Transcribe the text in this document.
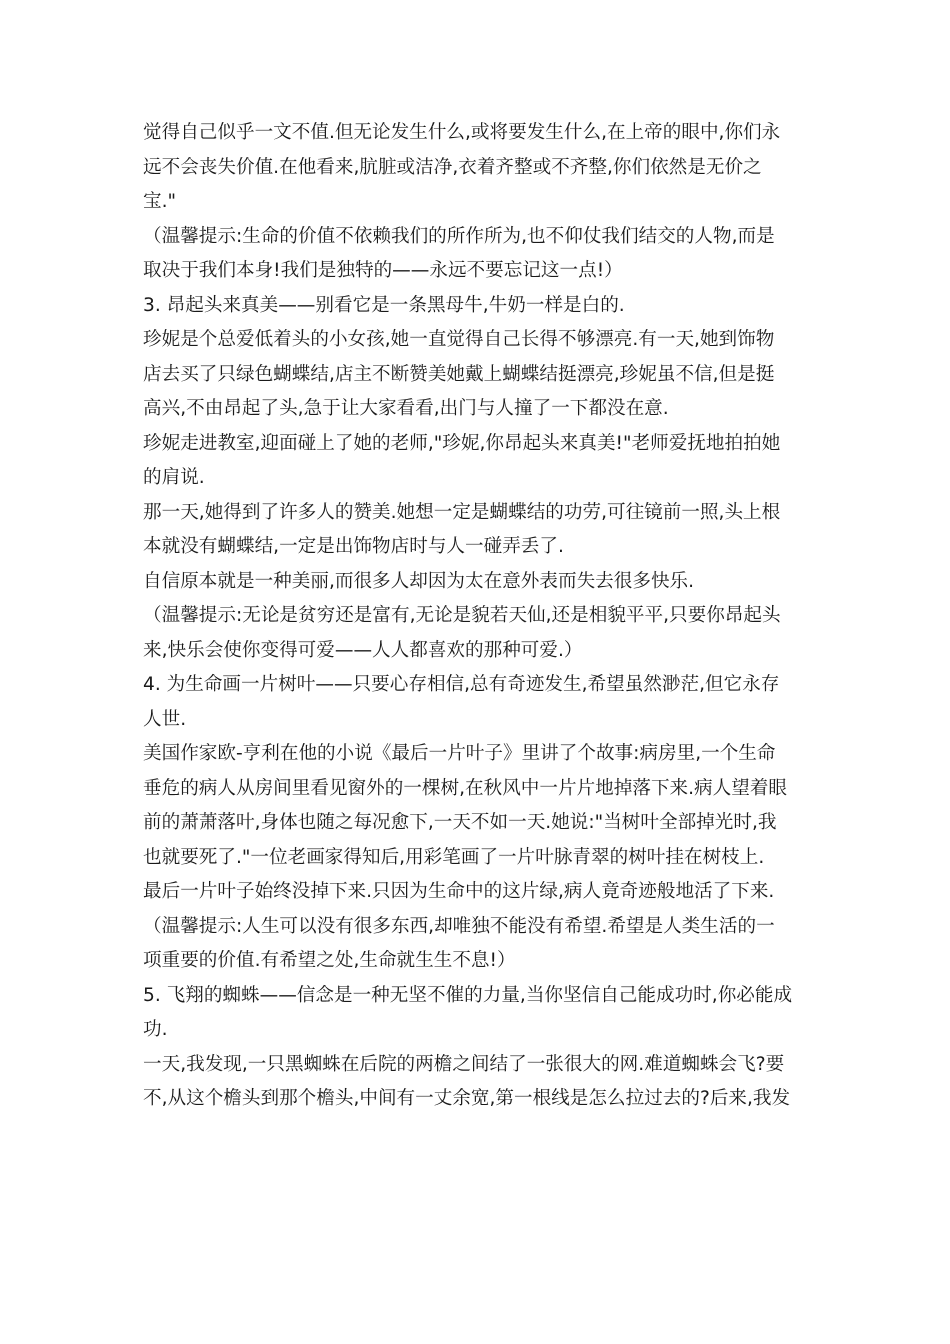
觉得自己似乎一文不值.但无论发生什么,或将要发生什么,在上帝的眼中,你们永
远不会丧失价值.在他看来,肮脏或洁净,衣着齐整或不齐整,你们依然是无价之
宝."
（温馨提示:生命的价值不依赖我们的所作所为,也不仰仗我们结交的人物,而是
取决于我们本身!我们是独特的——永远不要忘记这一点!）
3. 昂起头来真美——别看它是一条黑母牛,牛奶一样是白的.
珍妮是个总爱低着头的小女孩,她一直觉得自己长得不够漂亮.有一天,她到饰物
店去买了只绿色蝴蝶结,店主不断赞美她戴上蝴蝶结挺漂亮,珍妮虽不信,但是挺
高兴,不由昂起了头,急于让大家看看,出门与人撞了一下都没在意.
珍妮走进教室,迎面碰上了她的老师,"珍妮,你昂起头来真美!"老师爱抚地拍拍她
的肩说.
那一天,她得到了许多人的赞美.她想一定是蝴蝶结的功劳,可往镜前一照,头上根
本就没有蝴蝶结,一定是出饰物店时与人一碰弄丢了.
自信原本就是一种美丽,而很多人却因为太在意外表而失去很多快乐.
（温馨提示:无论是贫穷还是富有,无论是貌若天仙,还是相貌平平,只要你昂起头
来,快乐会使你变得可爱——人人都喜欢的那种可爱.）
4. 为生命画一片树叶——只要心存相信,总有奇迹发生,希望虽然渺茫,但它永存
人世.
美国作家欧-亨利在他的小说《最后一片叶子》里讲了个故事:病房里,一个生命
垂危的病人从房间里看见窗外的一棵树,在秋风中一片片地掉落下来.病人望着眼
前的萧萧落叶,身体也随之每况愈下,一天不如一天.她说:"当树叶全部掉光时,我
也就要死了."一位老画家得知后,用彩笔画了一片叶脉青翠的树叶挂在树枝上.
最后一片叶子始终没掉下来.只因为生命中的这片绿,病人竟奇迹般地活了下来.
（温馨提示:人生可以没有很多东西,却唯独不能没有希望.希望是人类生活的一
项重要的价值.有希望之处,生命就生生不息!）
5. 飞翔的蜘蛛——信念是一种无坚不催的力量,当你坚信自己能成功时,你必能成
功.
一天,我发现,一只黑蜘蛛在后院的两檐之间结了一张很大的网.难道蜘蛛会飞?要
不,从这个檐头到那个檐头,中间有一丈余宽,第一根线是怎么拉过去的?后来,我发
